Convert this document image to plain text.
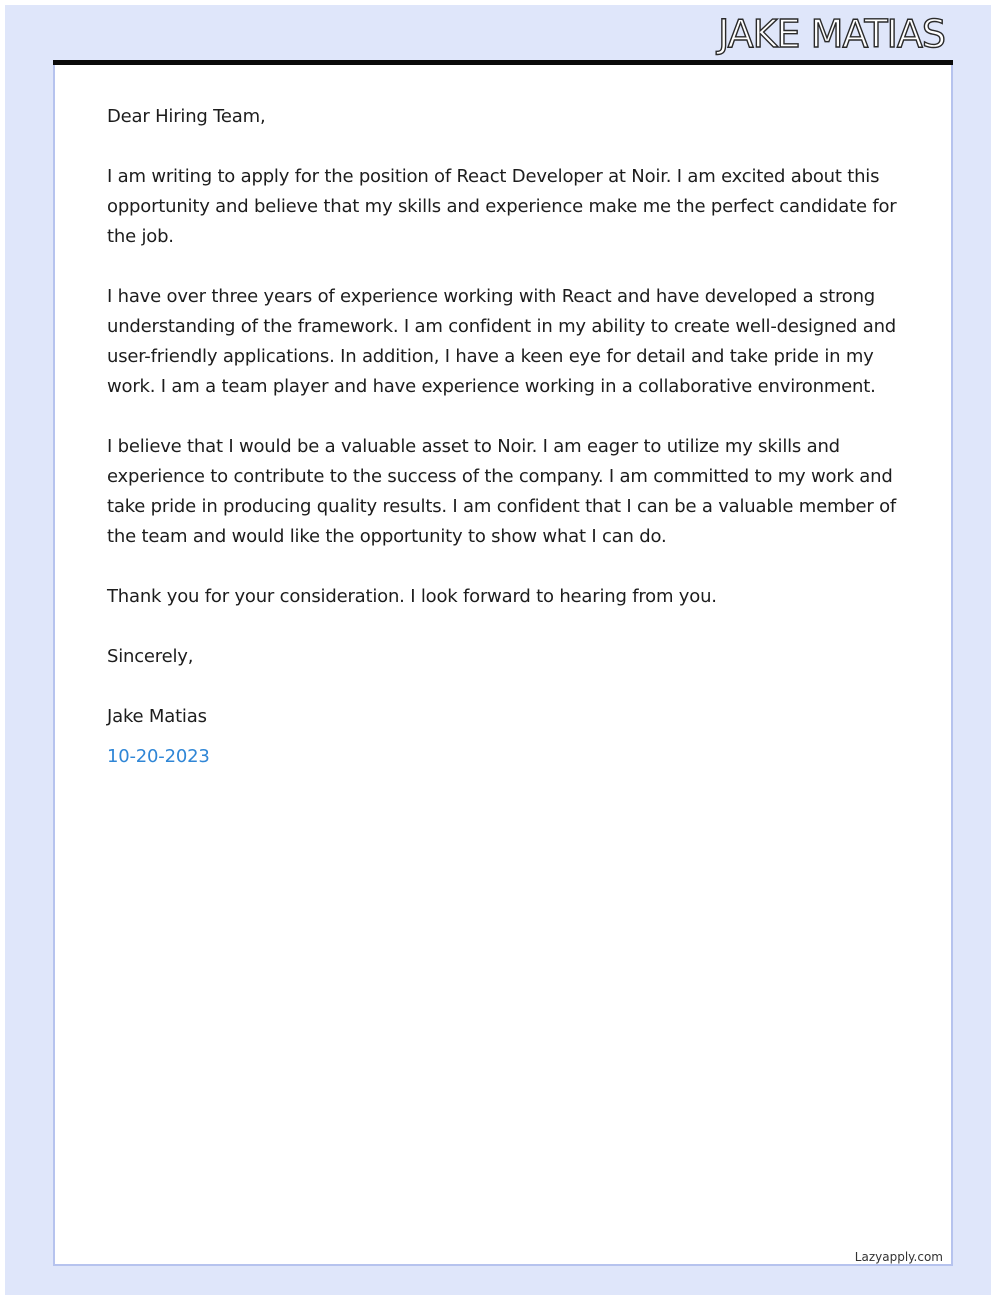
JAKE MATIAS

Dear Hiring Team,

I am writing to apply for the position of React Developer at Noir. I am excited about this opportunity and believe that my skills and experience make me the perfect candidate for the job.

I have over three years of experience working with React and have developed a strong understanding of the framework. I am confident in my ability to create well-designed and user-friendly applications. In addition, I have a keen eye for detail and take pride in my work. I am a team player and have experience working in a collaborative environment.

I believe that I would be a valuable asset to Noir. I am eager to utilize my skills and experience to contribute to the success of the company. I am committed to my work and take pride in producing quality results. I am confident that I can be a valuable member of the team and would like the opportunity to show what I can do.

Thank you for your consideration. I look forward to hearing from you.

Sincerely,

Jake Matias

10-20-2023

Lazyapply.com
